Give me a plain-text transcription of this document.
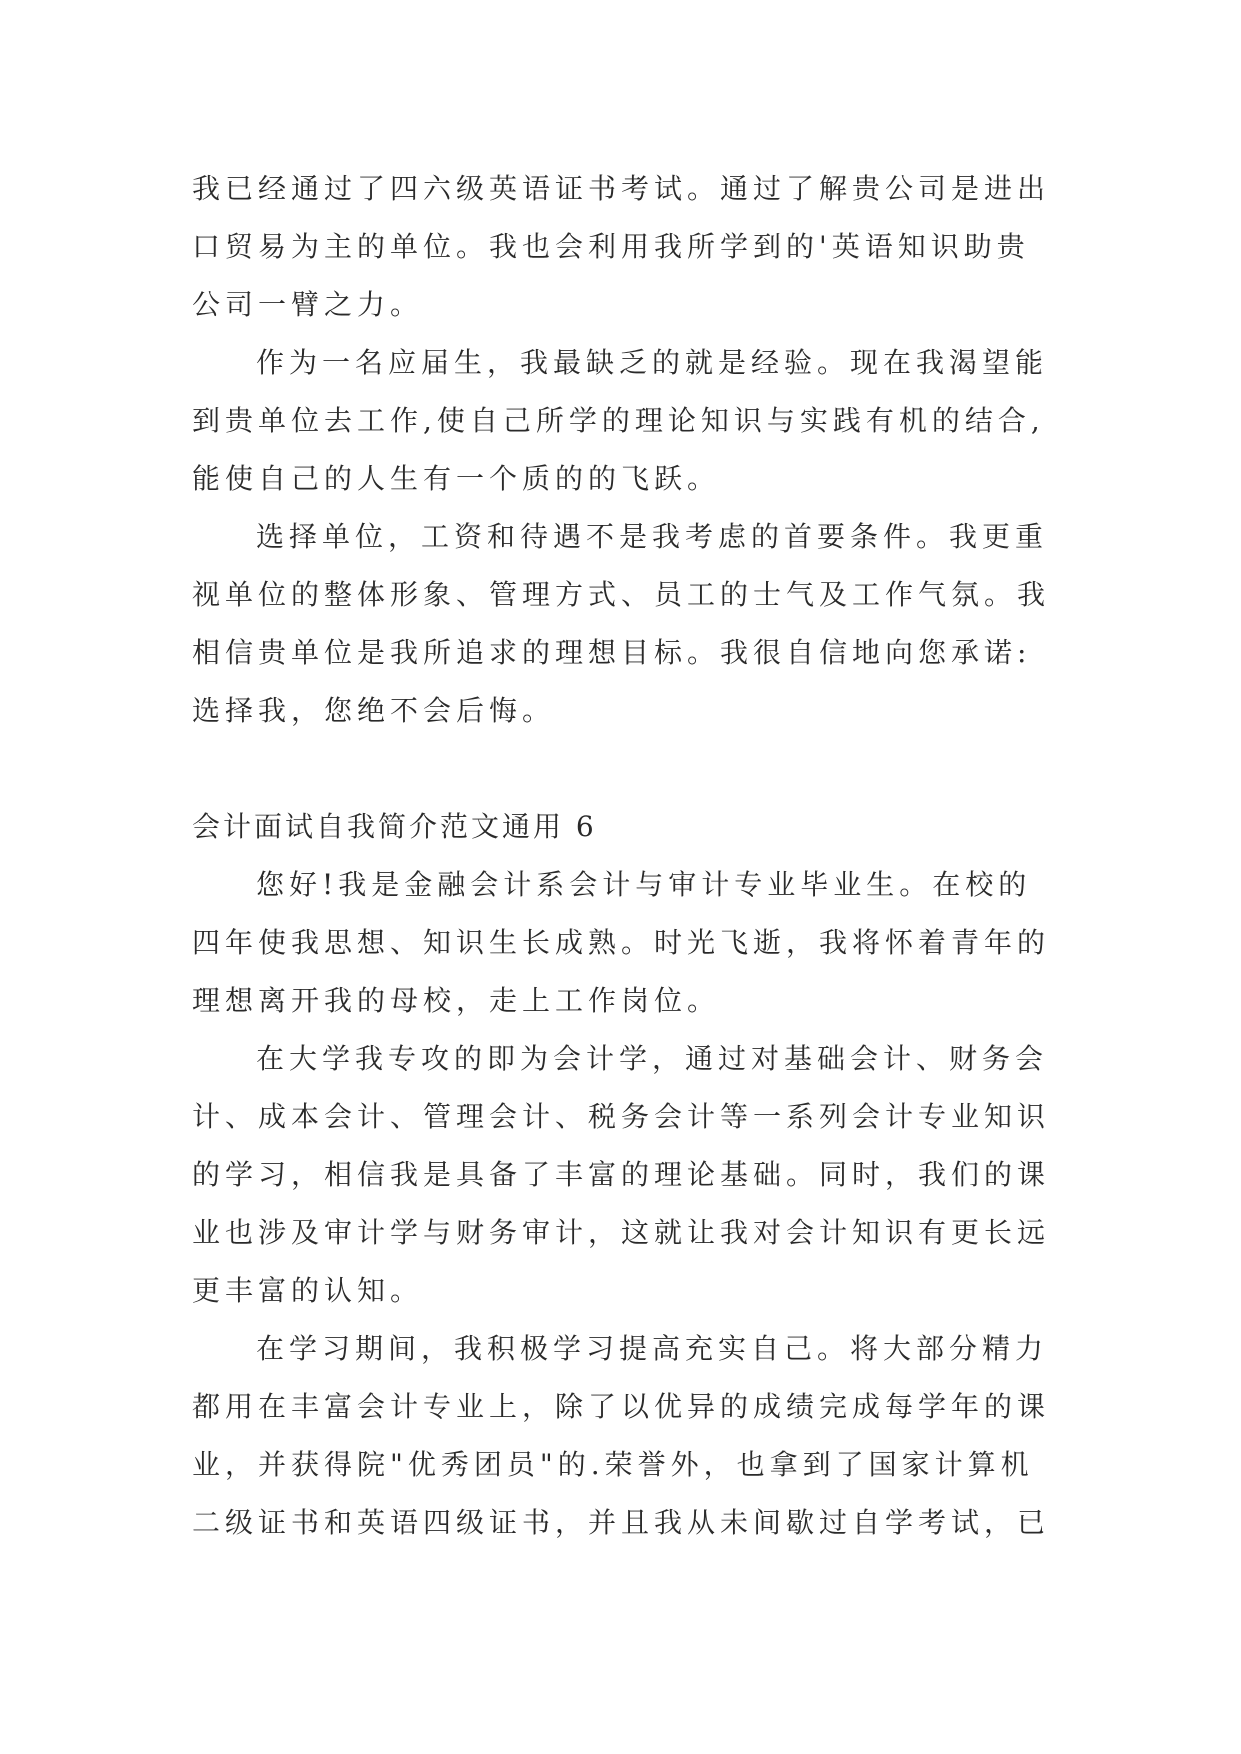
我已经通过了四六级英语证书考试。通过了解贵公司是进出
口贸易为主的单位。我也会利用我所学到的'英语知识助贵
公司一臂之力。
作为一名应届生，我最缺乏的就是经验。现在我渴望能
到贵单位去工作,使自己所学的理论知识与实践有机的结合,
能使自己的人生有一个质的的飞跃。
选择单位，工资和待遇不是我考虑的首要条件。我更重
视单位的整体形象、管理方式、员工的士气及工作气氛。我
相信贵单位是我所追求的理想目标。我很自信地向您承诺:
选择我，您绝不会后悔。
会计面试自我简介范文通用 6
您好!我是金融会计系会计与审计专业毕业生。在校的
四年使我思想、知识生长成熟。时光飞逝，我将怀着青年的
理想离开我的母校，走上工作岗位。
在大学我专攻的即为会计学，通过对基础会计、财务会
计、成本会计、管理会计、税务会计等一系列会计专业知识
的学习，相信我是具备了丰富的理论基础。同时，我们的课
业也涉及审计学与财务审计，这就让我对会计知识有更长远
更丰富的认知。
在学习期间，我积极学习提高充实自己。将大部分精力
都用在丰富会计专业上，除了以优异的成绩完成每学年的课
业，并获得院"优秀团员"的.荣誉外，也拿到了国家计算机
二级证书和英语四级证书，并且我从未间歇过自学考试，已
